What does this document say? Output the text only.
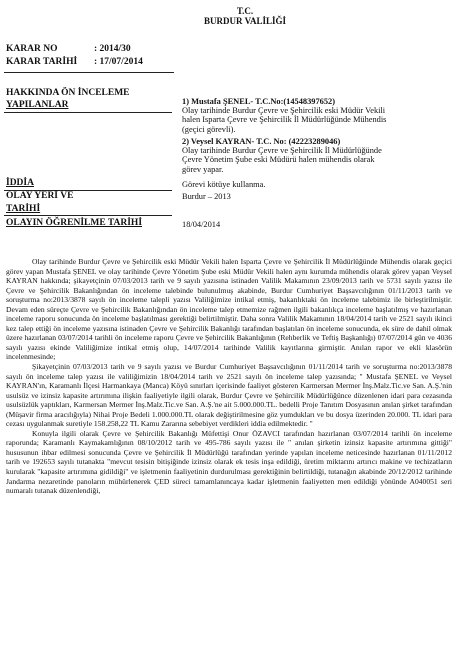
T.C.
BURDUR VALİLİĞİ
KARAR NO	: 2014/30
KARAR TARİHİ : 17/07/2014
HAKKINDA ÖN İNCELEME
YAPILANLAR	1) Mustafa ŞENEL- T.C.No:(14548397652)
Olay tarihinde Burdur Çevre ve Şehircilik eski Müdür Vekili
halen Isparta Çevre ve Şehircilik İl Müdürlüğünde Mühendis
(geçici görevli).
2) Veysel KAYRAN- T.C. No: (42223289046)
Olay tarihinde Burdur Çevre ve Şehircilik İl Müdürlüğünde
Çevre Yönetim Şube eski Müdürü halen mühendis olarak
görev yapar.
İDDİA	Görevi kötüye kullanma.
OLAY YERİ VE	Burdur – 2013
TARİHİ
OLAYIN ÖĞRENİLME TARİHİ	18/04/2014

Olay tarihinde Burdur Çevre ve Şehircilik eski Müdür Vekili halen Isparta Çevre ve Şehircilik İl Müdürlüğünde Mühendis olarak geçici görev yapan Mustafa ŞENEL ve olay tarihinde Çevre Yönetim Şube eski Müdür Vekili halen aynı kurumda mühendis olarak görev yapan Veysel KAYRAN hakkında; şikayetçinin 07/03/2013 tarih ve 9 sayılı yazısına istinaden Valilik Makamının 23/09/2013 tarih ve 5731 sayılı yazısı ile Çevre ve Şehircilik Bakanlığından ön inceleme talebinde bulunulmuş akabinde, Burdur Cumhuriyet Başsavcılığının 01/11/2013 tarih ve soruşturma no:2013/3878 sayılı ön inceleme talepli yazısı Valiliğimize intikal etmiş, bakanlıktaki ön inceleme talebimiz ile birleştirilmiştir. Devam eden süreçte Çevre ve Şehircilik Bakanlığından ön inceleme talep etmemize rağmen ilgili bakanlıkça inceleme başlatılmış ve hazırlanan inceleme raporu sonucunda ön inceleme başlatılması gerektiği belirtilmiştir. Daha sonra Valilik Makamının 18/04/2014 tarih ve 2521 sayılı ikinci kez talep ettiği ön inceleme yazısına istinaden Çevre ve Şehircilik Bakanlığı tarafından başlatılan ön inceleme sonucunda, ek süre de dahil olmak üzere hazırlanan 03/07/2014 tarihli ön inceleme raporu Çevre ve Şehircilik Bakanlığının (Rehberlik ve Teftiş Başkanlığı) 07/07/2014 gün ve 4036 sayılı yazısı ekinde Valiliğimize intikal etmiş olup, 14/07/2014 tarihinde Valilik kayıtlarına girmiştir. Anılan rapor ve ekli klasörün incelenmesinde;

Şikayetçinin 07/03/2013 tarih ve 9 sayılı yazısı ve Burdur Cumhuriyet Başsavcılığının 01/11/2014 tarih ve soruşturma no:2013/3878 sayılı ön inceleme talep yazısı ile valiliğimizin 18/04/2014 tarih ve 2521 sayılı ön inceleme talep yazısında; " Mustafa ŞENEL ve Veysel KAYRAN'ın, Karamanlı İlçesi Harmankaya (Manca) Köyü sınırları içerisinde faaliyet gösteren Karmersan Mermer İnş.Malz.Tic.ve San. A.Ş.'nin usulsüz ve izinsiz kapasite artırımına ilişkin faaliyetiyle ilgili olarak, Burdur Çevre ve Şehircilik Müdürlüğünce düzenlenen idari para cezasında usulsüzlük yaptıkları, Karmersan Mermer İnş.Malz.Tic.ve San. A.Ş.'ne ait 5.000.000.TL. bedelli Proje Tanıtım Dosyasının anılan şirket tarafından (Müşavir firma aracılığıyla) Nihai Proje Bedeli 1.000.000.TL olarak değiştirilmesine göz yumdukları ve bu dosya üzerinden 20.000. TL idari para cezası uygulanmak suretiyle 158.258,22 TL Kamu Zararına sebebiyet verdikleri iddia edilmektedir. "

Konuyla ilgili olarak Çevre ve Şehircilik Bakanlığı Müfettişi Onur ÖZAVCI tarafından hazırlanan 03/07/2014 tarihli ön inceleme raporunda; Karamanlı Kaymakamlığının 08/10/2012 tarih ve 495-786 sayılı yazısı ile " anılan şirketin izinsiz kapasite artırımına gittiği" hususunun ihbar edilmesi sonucunda Çevre ve Şehircilik İl Müdürlüğü tarafından yerinde yapılan inceleme neticesinde hazırlanan 01/11/2012 tarih ve 192653 sayılı tutanakta "mevcut tesisin bitişiğinde izinsiz olarak ek tesis inşa edildiği, üretim miktarını artırıcı makine ve techizatların kurularak "kapasite artırımına gidildiği" ve işletmenin faaliyetinin durdurulması gerektiğinin belirtildiği, tutanağın akabinde 20/12/2012 tarihinde Jandarma nezaretinde panoların mühürlenerek ÇED süreci tamamlanıncaya kadar işletmenin faaliyetten men edildiği yönünde A040051 seri numaralı tutanak düzenlendiği,
